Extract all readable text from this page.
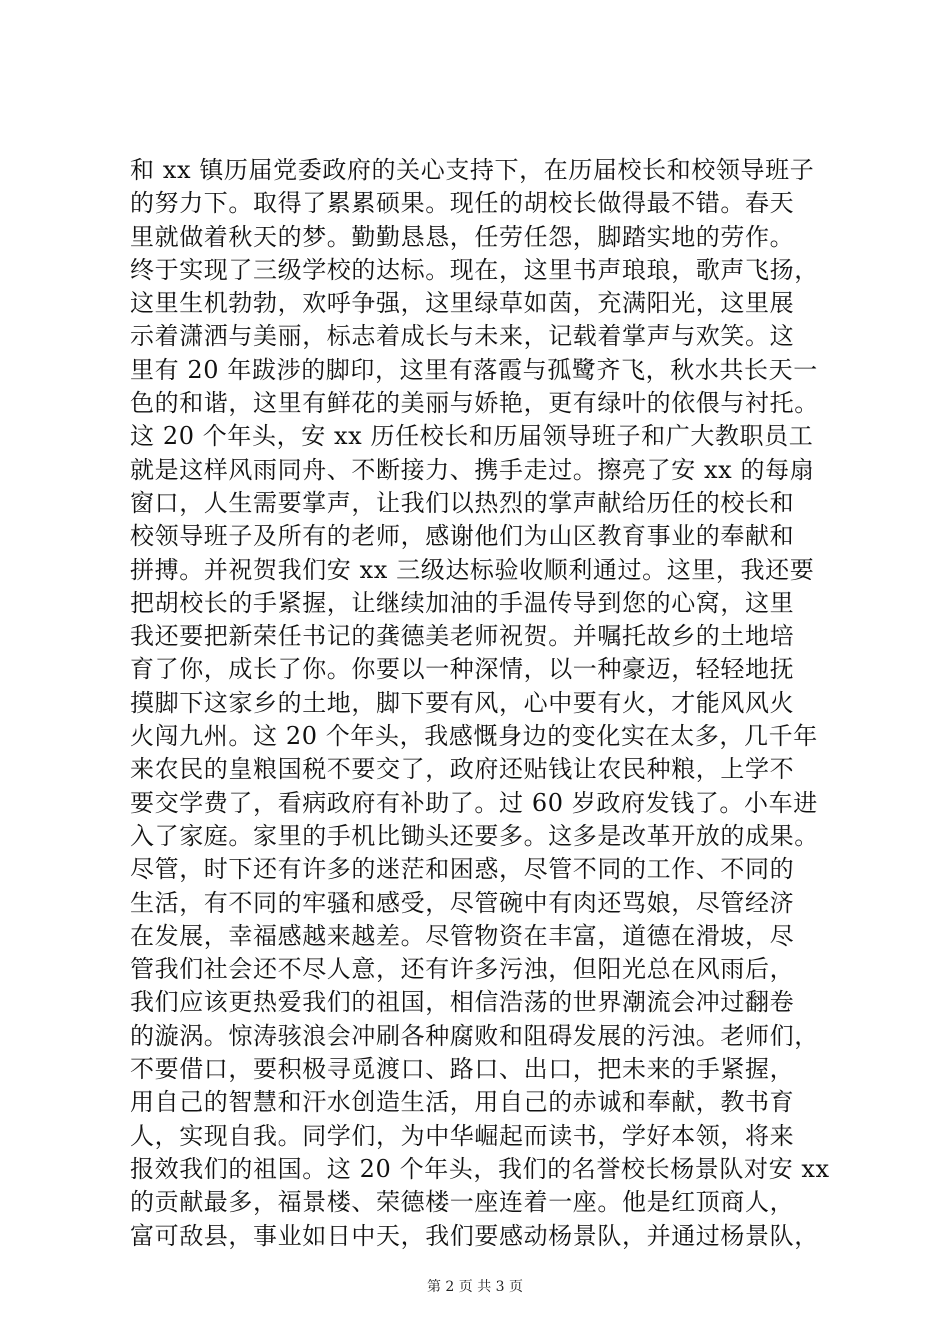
和 xx 镇历届党委政府的关心支持下，在历届校长和校领导班子
的努力下。取得了累累硕果。现任的胡校长做得最不错。春天
里就做着秋天的梦。勤勤恳恳，任劳任怨，脚踏实地的劳作。
终于实现了三级学校的达标。现在，这里书声琅琅，歌声飞扬，
这里生机勃勃，欢呼争强，这里绿草如茵，充满阳光，这里展
示着潇洒与美丽，标志着成长与未来，记载着掌声与欢笑。这
里有 20 年跋涉的脚印，这里有落霞与孤鹭齐飞，秋水共长天一
色的和谐，这里有鲜花的美丽与娇艳，更有绿叶的依偎与衬托。
这 20 个年头，安 xx 历任校长和历届领导班子和广大教职员工
就是这样风雨同舟、不断接力、携手走过。擦亮了安 xx 的每扇
窗口，人生需要掌声，让我们以热烈的掌声献给历任的校长和
校领导班子及所有的老师，感谢他们为山区教育事业的奉献和
拼搏。并祝贺我们安 xx 三级达标验收顺利通过。这里，我还要
把胡校长的手紧握，让继续加油的手温传导到您的心窝，这里
我还要把新荣任书记的龚德美老师祝贺。并嘱托故乡的土地培
育了你，成长了你。你要以一种深情，以一种豪迈，轻轻地抚
摸脚下这家乡的土地，脚下要有风，心中要有火，才能风风火
火闯九州。这 20 个年头，我感慨身边的变化实在太多，几千年
来农民的皇粮国税不要交了，政府还贴钱让农民种粮，上学不
要交学费了，看病政府有补助了。过 60 岁政府发钱了。小车进
入了家庭。家里的手机比锄头还要多。这多是改革开放的成果。
尽管，时下还有许多的迷茫和困惑，尽管不同的工作、不同的
生活，有不同的牢骚和感受，尽管碗中有肉还骂娘，尽管经济
在发展，幸福感越来越差。尽管物资在丰富，道德在滑坡，尽
管我们社会还不尽人意，还有许多污浊，但阳光总在风雨后，
我们应该更热爱我们的祖国，相信浩荡的世界潮流会冲过翻卷
的漩涡。惊涛骇浪会冲刷各种腐败和阻碍发展的污浊。老师们，
不要借口，要积极寻觅渡口、路口、出口，把未来的手紧握，
用自己的智慧和汗水创造生活，用自己的赤诚和奉献，教书育
人，实现自我。同学们，为中华崛起而读书，学好本领，将来
报效我们的祖国。这 20 个年头，我们的名誉校长杨景队对安 xx
的贡献最多，福景楼、荣德楼一座连着一座。他是红顶商人，
富可敌县，事业如日中天，我们要感动杨景队，并通过杨景队，
第 2 页 共 3 页
